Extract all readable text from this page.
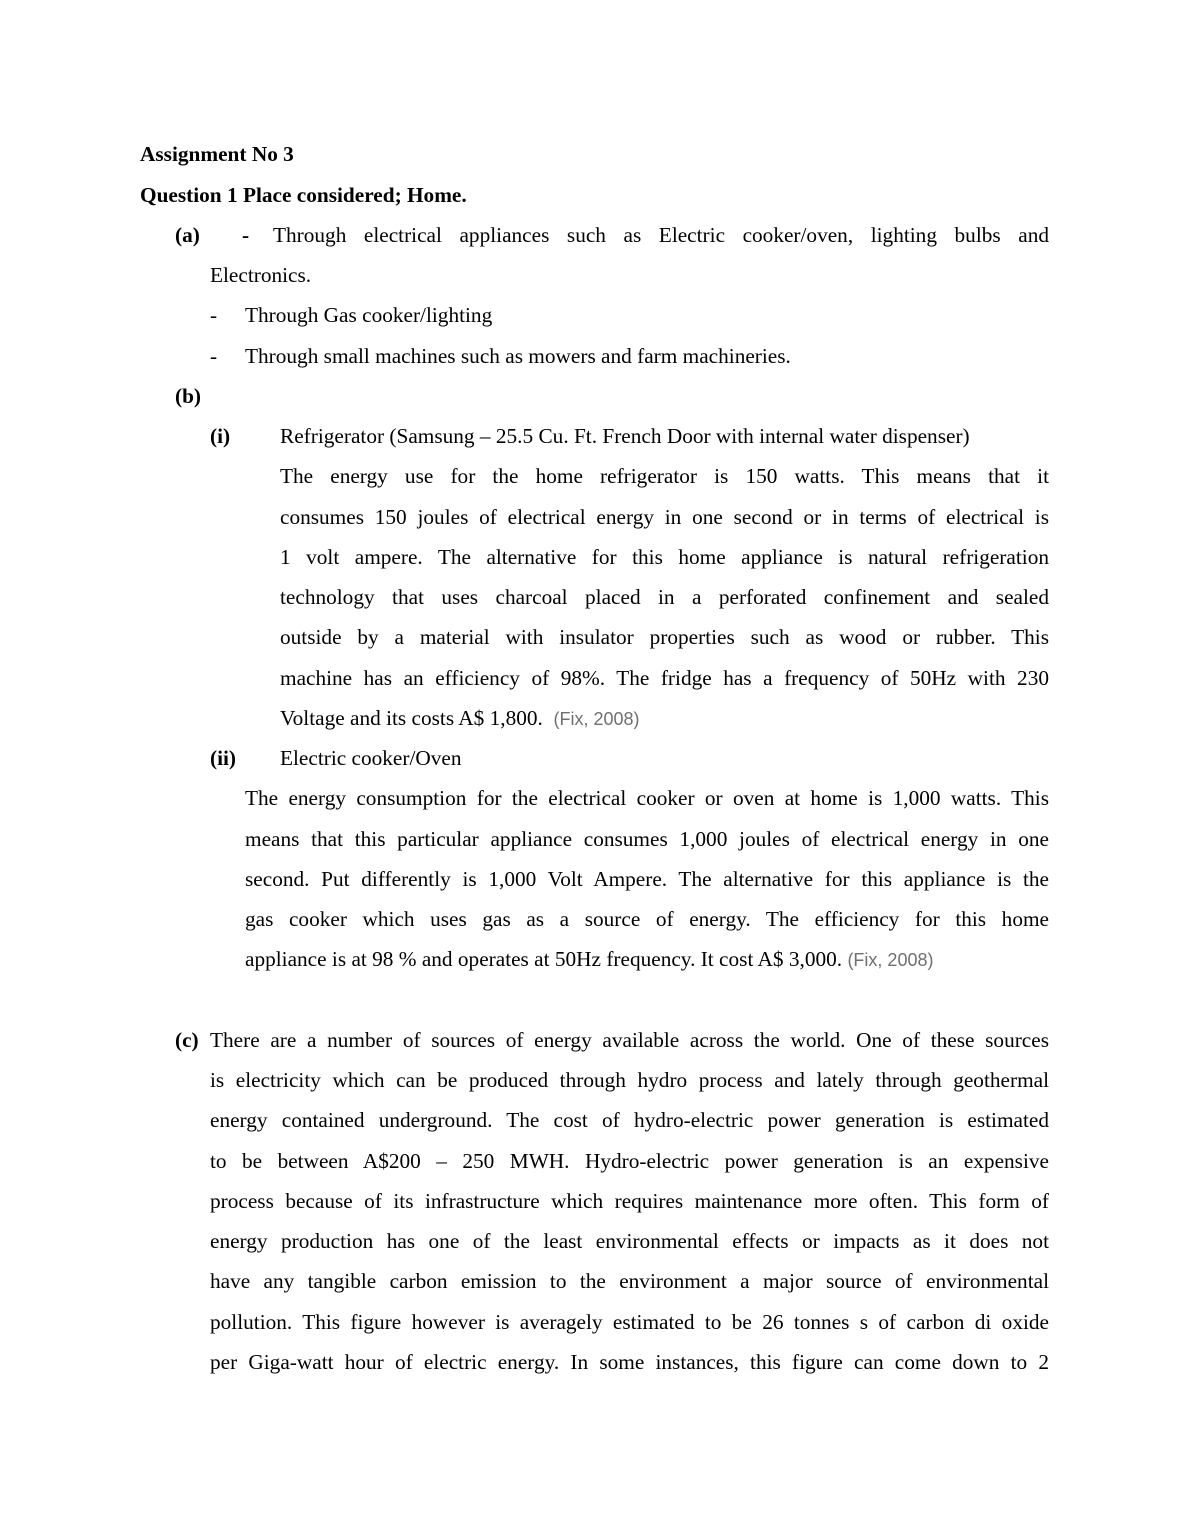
Assignment No 3
Question 1 Place considered; Home.
(a) - Through electrical appliances such as Electric cooker/oven, lighting bulbs and
Electronics.
- Through Gas cooker/lighting
- Through small machines such as mowers and farm machineries.
(b)
(i) Refrigerator (Samsung – 25.5 Cu. Ft. French Door with internal water dispenser)
The energy use for the home refrigerator is 150 watts. This means that it
consumes 150 joules of electrical energy in one second or in terms of electrical is
1 volt ampere. The alternative for this home appliance is natural refrigeration
technology that uses charcoal placed in a perforated confinement and sealed
outside by a material with insulator properties such as wood or rubber. This
machine has an efficiency of 98%. The fridge has a frequency of 50Hz with 230
Voltage and its costs A$ 1,800. (Fix, 2008)
(ii) Electric cooker/Oven
The energy consumption for the electrical cooker or oven at home is 1,000 watts. This
means that this particular appliance consumes 1,000 joules of electrical energy in one
second. Put differently is 1,000 Volt Ampere. The alternative for this appliance is the
gas cooker which uses gas as a source of energy. The efficiency for this home
appliance is at 98 % and operates at 50Hz frequency. It cost A$ 3,000. (Fix, 2008)
(c) There are a number of sources of energy available across the world. One of these sources
is electricity which can be produced through hydro process and lately through geothermal
energy contained underground. The cost of hydro-electric power generation is estimated
to be between A$200 – 250 MWH. Hydro-electric power generation is an expensive
process because of its infrastructure which requires maintenance more often. This form of
energy production has one of the least environmental effects or impacts as it does not
have any tangible carbon emission to the environment a major source of environmental
pollution. This figure however is averagely estimated to be 26 tonnes s of carbon di oxide
per Giga-watt hour of electric energy. In some instances, this figure can come down to 2
